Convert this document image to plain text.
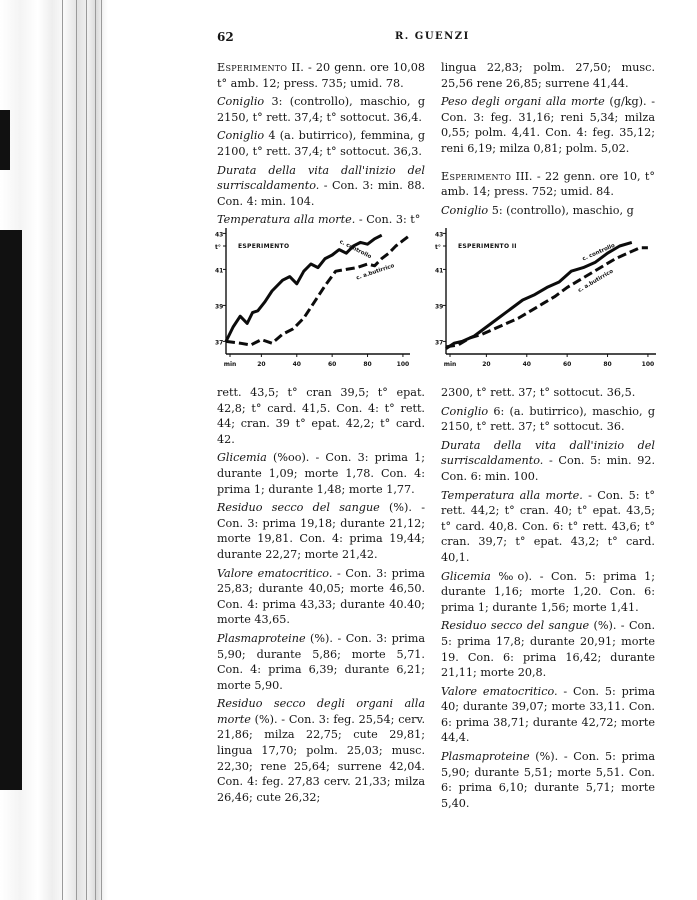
62	R. GUENZI

Esperimento II. - 20 genn. ore 10,08 t° amb. 12; press. 735; umid. 78.

Coniglio 3: (controllo), maschio, g 2150, t° rett. 37,4; t° sottocut. 36,4.

Coniglio 4 (a. butirrico), femmina, g 2100, t° rett. 37,4; t° sottocut. 36,3.

Durata della vita dall'inizio del surriscaldamento. - Con. 3: min. 88. Con. 4: min. 104.

Temperatura alla morte. - Con. 3: t°

lingua 22,83; polm. 27,50; musc. 25,56 rene 26,85; surrene 41,44.

Peso degli organi alla morte (g/kg). - Con. 3: feg. 31,16; reni 5,34; milza 0,55; polm. 4,41. Con. 4: feg. 35,12; reni 6,19; milza 0,81; polm. 5,02.

Esperimento III. - 22 genn. ore 10, t° amb. 14; press. 752; umid. 84.

Coniglio 5: (controllo), maschio, g

43
t°
41
39
37
min	20	40	60	80	100
ESPERIMENTO	c. controllo
c. a.butirrico
43
t°
41
39
37
min	20	40	60	80	100
ESPERIMENTO II	c. controllo
c. a.butirrico

rett. 43,5; t° cran 39,5; t° epat. 42,8; t° card. 41,5. Con. 4: t° rett. 44; cran. 39 t° epat. 42,2; t° card. 42.

Glicemia (%oo). - Con. 3: prima 1; durante 1,09; morte 1,78. Con. 4: prima 1; durante 1,48; morte 1,77.

Residuo secco del sangue (%). - Con. 3: prima 19,18; durante 21,12; morte 19,81. Con. 4: prima 19,44; durante 22,27; morte 21,42.

Valore ematocritico. - Con. 3: prima 25,83; durante 40,05; morte 46,50. Con. 4: prima 43,33; durante 40.40; morte 43,65.

Plasmaproteine (%). - Con. 3: prima 5,90; durante 5,86; morte 5,71. Con. 4: prima 6,39; durante 6,21; morte 5,90.

Residuo secco degli organi alla morte (%). - Con. 3: feg. 25,54; cerv. 21,86; milza 22,75; cute 29,81; lingua 17,70; polm. 25,03; musc. 22,30; rene 25,64; surrene 42,04. Con. 4: feg. 27,83 cerv. 21,33; milza 26,46; cute 26,32;

2300, t° rett. 37; t° sottocut. 36,5.

Coniglio 6: (a. butirrico), maschio, g 2150, t° rett. 37; t° sottocut. 36.

Durata della vita dall'inizio del surriscaldamento. - Con. 5: min. 92. Con. 6: min. 100.

Temperatura alla morte. - Con. 5: t° rett. 44,2; t° cran. 40; t° epat. 43,5; t° card. 40,8. Con. 6: t° rett. 43,6; t° cran. 39,7; t° epat. 43,2; t° card. 40,1.

Glicemia ‰o). - Con. 5: prima 1; durante 1,16; morte 1,20. Con. 6: prima 1; durante 1,56; morte 1,41.

Residuo secco del sangue (%). - Con. 5: prima 17,8; durante 20,91; morte 19. Con. 6: prima 16,42; durante 21,11; morte 20,8.

Valore ematocritico. - Con. 5: prima 40; durante 39,07; morte 33,11. Con. 6: prima 38,71; durante 42,72; morte 44,4.

Plasmaproteine (%). - Con. 5: prima 5,90; durante 5,51; morte 5,51. Con. 6: prima 6,10; durante 5,71; morte 5,40.
